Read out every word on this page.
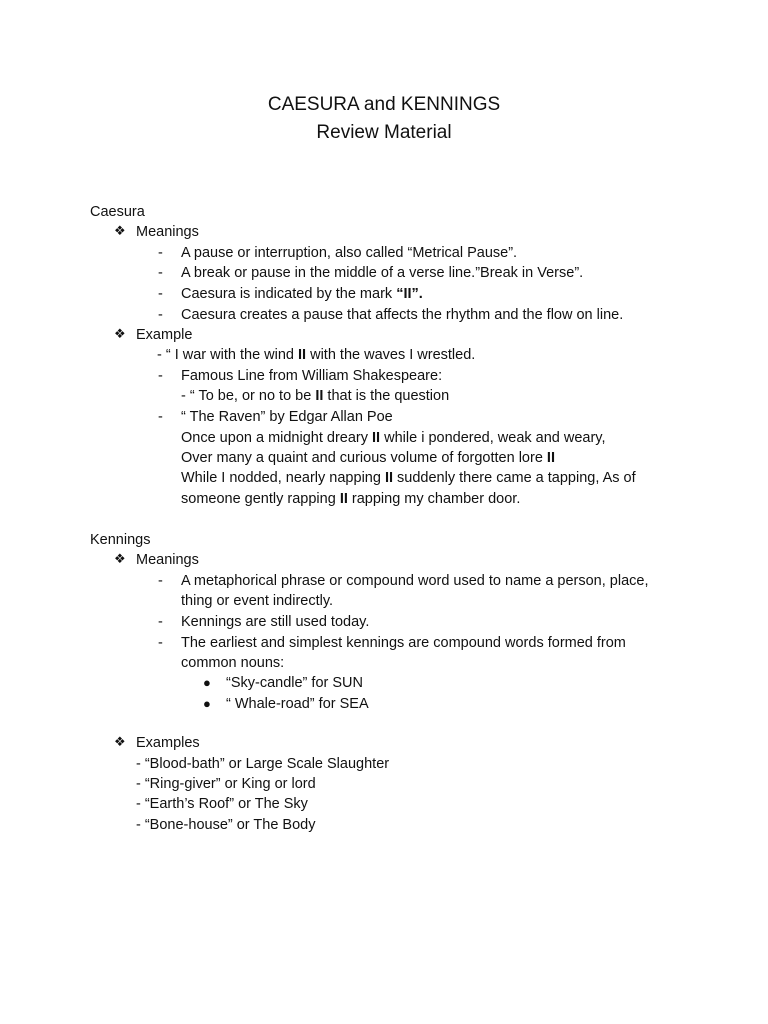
CAESURA and KENNINGS
Review Material
Caesura
❖ Meanings
- A pause or interruption, also called “Metrical Pause”.
- A break or pause in the middle of a verse line.”Break in Verse”.
- Caesura is indicated by the mark “II”.
- Caesura creates a pause that affects the rhythm and the flow on line.
❖ Example
- “ I war with the wind II with the waves I wrestled.
- Famous Line from William Shakespeare:
- “ To be, or no to be II that is the question
- “ The Raven” by Edgar Allan Poe
Once upon a midnight dreary II while i pondered, weak and weary,
Over many a quaint and curious volume of forgotten lore II
While I nodded, nearly napping II suddenly there came a tapping, As of
someone gently rapping II rapping my chamber door.
Kennings
❖ Meanings
- A metaphorical phrase or compound word used to name a person, place,
thing or event indirectly.
- Kennings are still used today.
- The earliest and simplest kennings are compound words formed from
common nouns:
● “Sky-candle” for SUN
● “ Whale-road” for SEA
❖ Examples
- “Blood-bath” or Large Scale Slaughter
- “Ring-giver” or King or lord
- “Earth’s Roof” or The Sky
- “Bone-house” or The Body
